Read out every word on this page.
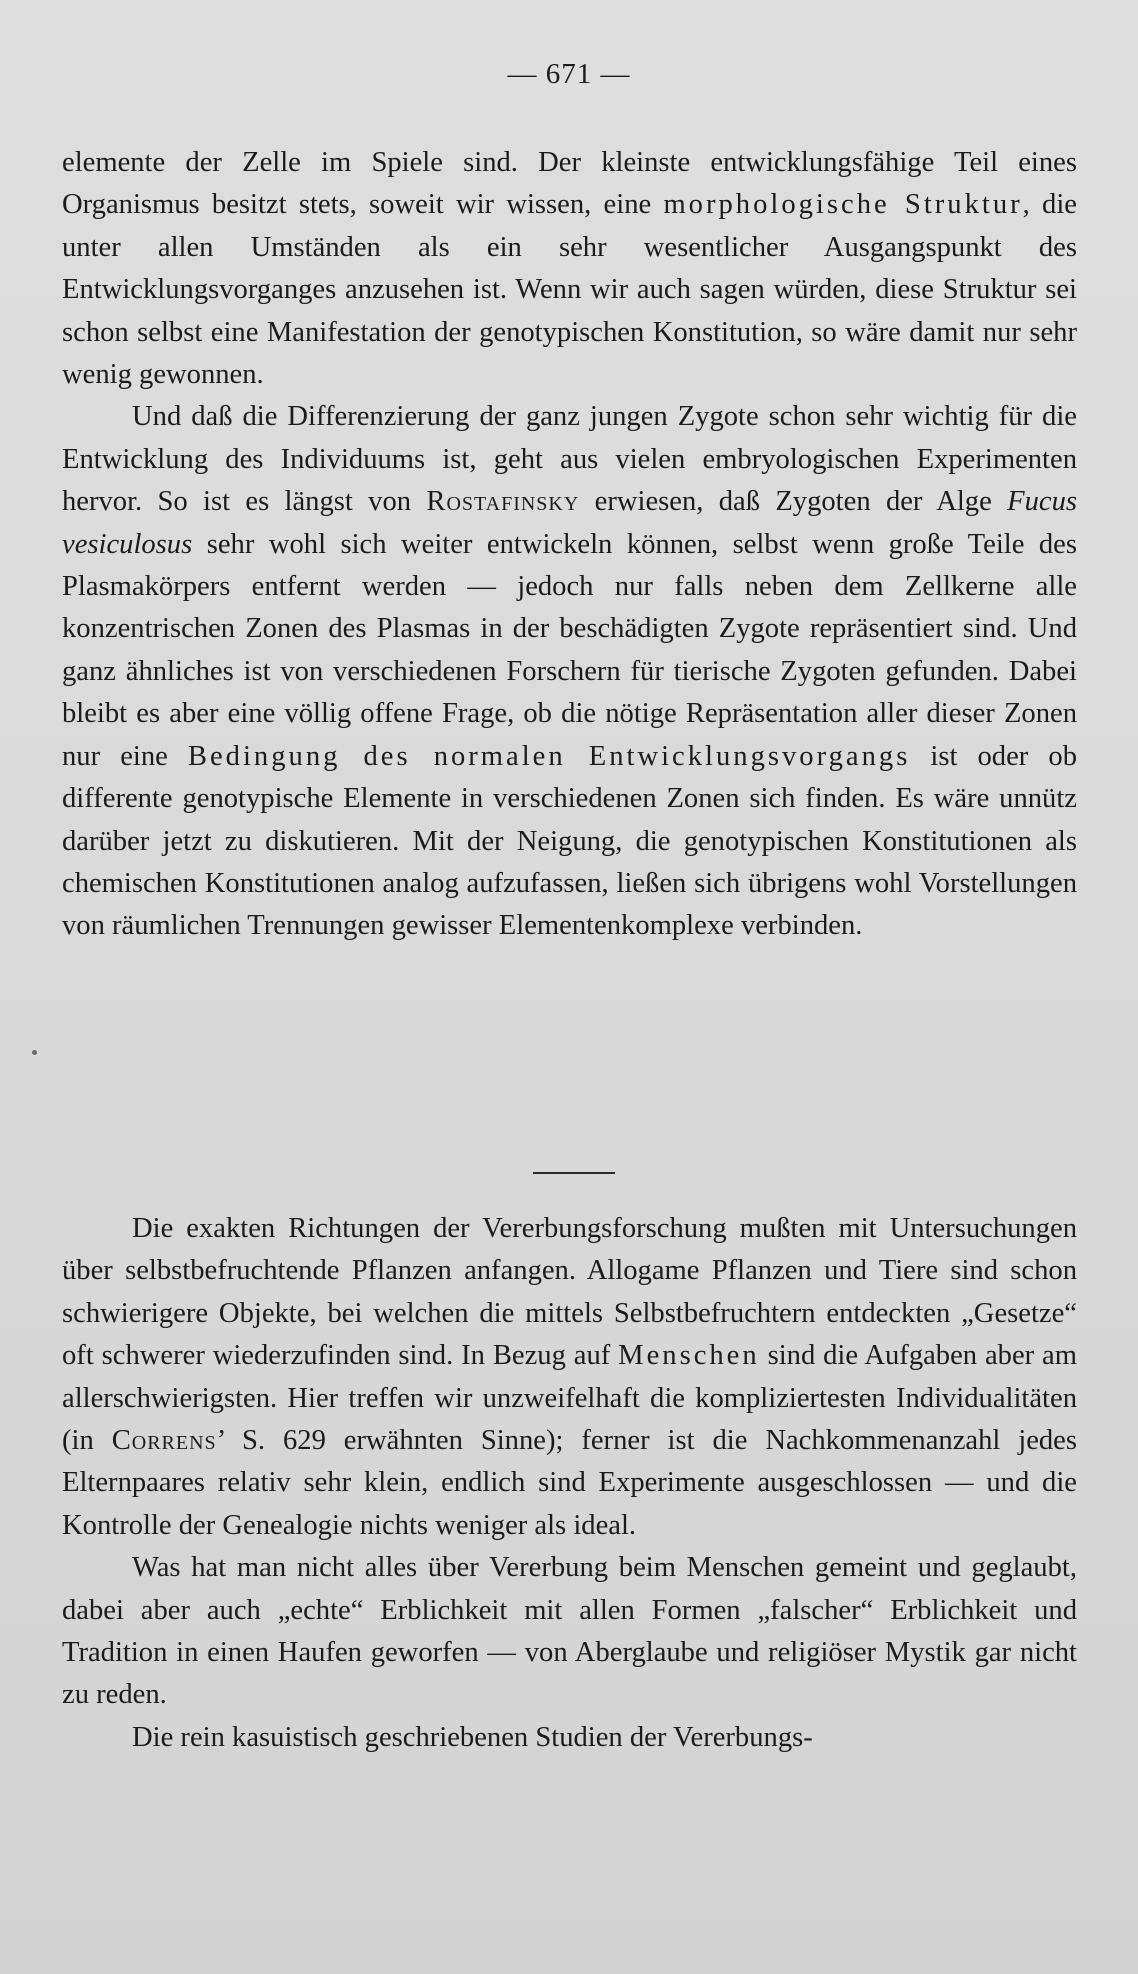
— 671 —

elemente der Zelle im Spiele sind. Der kleinste entwicklungsfähige Teil eines Organismus besitzt stets, soweit wir wissen, eine morphologische Struktur, die unter allen Umständen als ein sehr wesentlicher Ausgangspunkt des Entwicklungsvorganges anzusehen ist. Wenn wir auch sagen würden, diese Struktur sei schon selbst eine Manifestation der genotypischen Konstitution, so wäre damit nur sehr wenig gewonnen.

Und daß die Differenzierung der ganz jungen Zygote schon sehr wichtig für die Entwicklung des Individuums ist, geht aus vielen embryologischen Experimenten hervor. So ist es längst von Rostafinsky erwiesen, daß Zygoten der Alge Fucus vesiculosus sehr wohl sich weiter entwickeln können, selbst wenn große Teile des Plasmakörpers entfernt werden — jedoch nur falls neben dem Zellkerne alle konzentrischen Zonen des Plasmas in der beschädigten Zygote repräsentiert sind. Und ganz ähnliches ist von verschiedenen Forschern für tierische Zygoten gefunden. Dabei bleibt es aber eine völlig offene Frage, ob die nötige Repräsentation aller dieser Zonen nur eine Bedingung des normalen Entwicklungsvorgangs ist oder ob differente genotypische Elemente in verschiedenen Zonen sich finden. Es wäre unnütz darüber jetzt zu diskutieren. Mit der Neigung, die genotypischen Konstitutionen als chemischen Konstitutionen analog aufzufassen, ließen sich übrigens wohl Vorstellungen von räumlichen Trennungen gewisser Elementenkomplexe verbinden.

Die exakten Richtungen der Vererbungsforschung mußten mit Untersuchungen über selbstbefruchtende Pflanzen anfangen. Allogame Pflanzen und Tiere sind schon schwierigere Objekte, bei welchen die mittels Selbstbefruchtern entdeckten „Gesetze“ oft schwerer wiederzufinden sind. In Bezug auf Menschen sind die Aufgaben aber am allerschwierigsten. Hier treffen wir unzweifelhaft die kompliziertesten Individualitäten (in Correns’ S. 629 erwähnten Sinne); ferner ist die Nachkommenanzahl jedes Elternpaares relativ sehr klein, endlich sind Experimente ausgeschlossen — und die Kontrolle der Genealogie nichts weniger als ideal.

Was hat man nicht alles über Vererbung beim Menschen gemeint und geglaubt, dabei aber auch „echte“ Erblichkeit mit allen Formen „falscher“ Erblichkeit und Tradition in einen Haufen geworfen — von Aberglaube und religiöser Mystik gar nicht zu reden.

Die rein kasuistisch geschriebenen Studien der Vererbungs-
